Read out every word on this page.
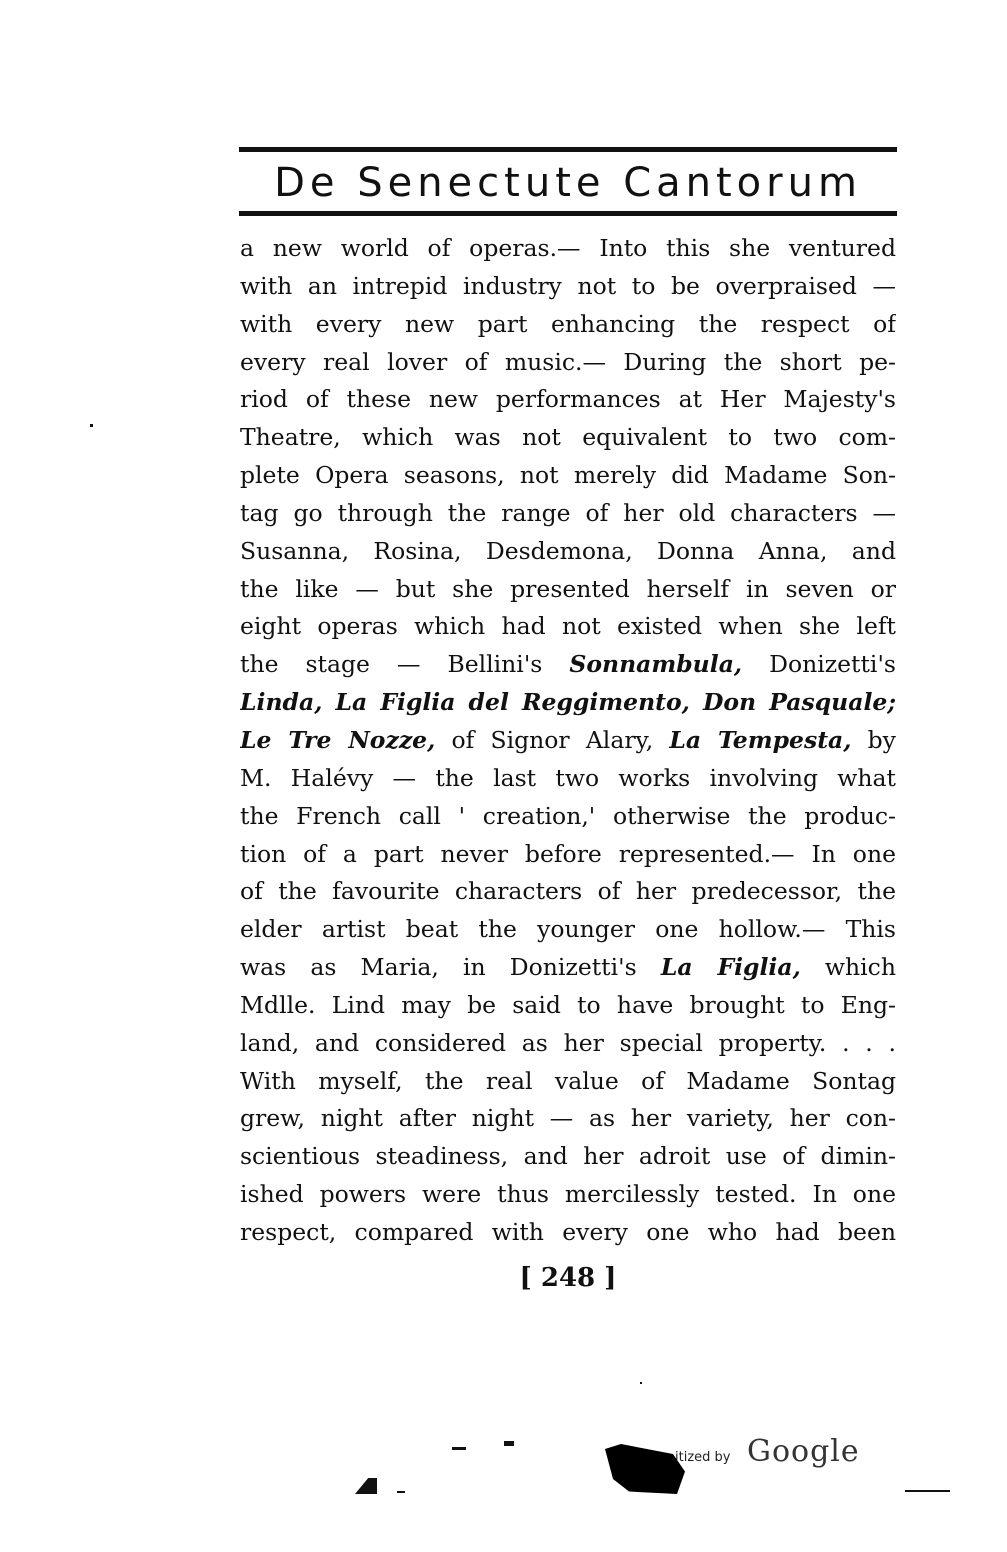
De Senectute Cantorum
a new world of operas.— Into this she ventured
with an intrepid industry not to be overpraised —
with every new part enhancing the respect of
every real lover of music.— During the short pe-
riod of these new performances at Her Majesty's
Theatre, which was not equivalent to two com-
plete Opera seasons, not merely did Madame Son-
tag go through the range of her old characters —
Susanna, Rosina, Desdemona, Donna Anna, and
the like — but she presented herself in seven or
eight operas which had not existed when she left
the stage — Bellini's Sonnambula, Donizetti's
Linda, La Figlia del Reggimento, Don Pasquale;
Le Tre Nozze, of Signor Alary, La Tempesta, by
M. Halévy — the last two works involving what
the French call ' creation,' otherwise the produc-
tion of a part never before represented.— In one
of the favourite characters of her predecessor, the
elder artist beat the younger one hollow.— This
was as Maria, in Donizetti's La Figlia, which
Mdlle. Lind may be said to have brought to Eng-
land, and considered as her special property. . . .
With myself, the real value of Madame Sontag
grew, night after night — as her variety, her con-
scientious steadiness, and her adroit use of dimin-
ished powers were thus mercilessly tested. In one
respect, compared with every one who had been
[ 248 ]
itized by Google
